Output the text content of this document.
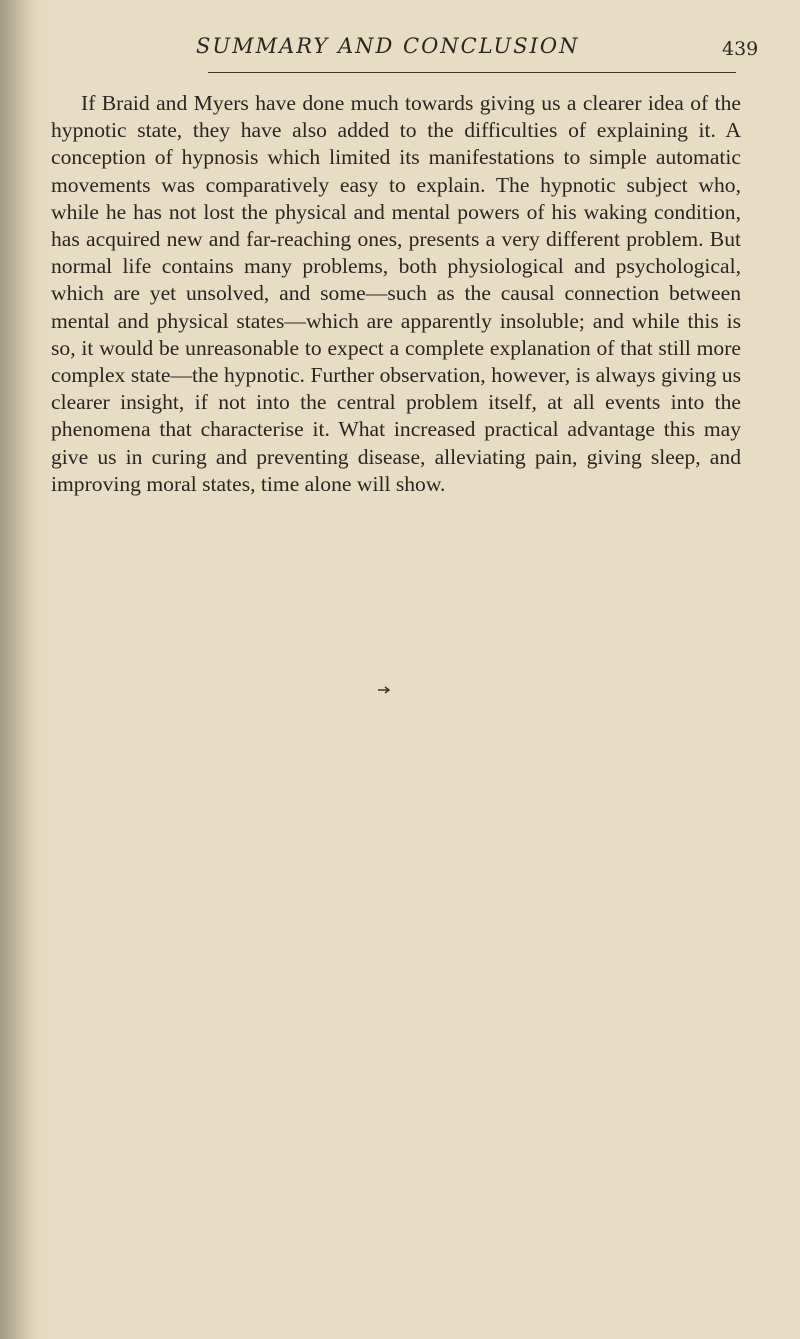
SUMMARY AND CONCLUSION	439

If Braid and Myers have done much towards giving us a clearer idea of the hypnotic state, they have also added to the difficulties of explaining it. A conception of hypnosis which limited its manifestations to simple automatic movements was comparatively easy to explain. The hypnotic subject who, while he has not lost the physical and mental powers of his waking condition, has acquired new and far-reaching ones, presents a very different problem. But normal life contains many problems, both physiological and psychological, which are yet unsolved, and some—such as the causal connection between mental and physical states—which are apparently insoluble; and while this is so, it would be unreasonable to expect a complete explanation of that still more complex state—the hypnotic. Further observation, however, is always giving us clearer insight, if not into the central problem itself, at all events into the phenomena that characterise it. What increased practical advantage this may give us in curing and preventing disease, alleviating pain, giving sleep, and improving moral states, time alone will show.
